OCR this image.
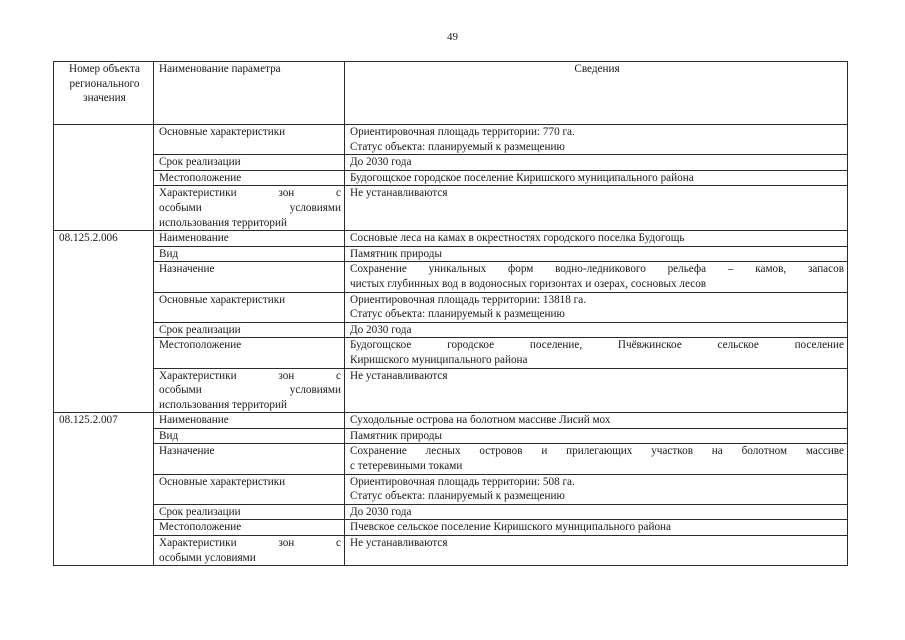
49
Номер объекта регионального значения	Наименование параметра	Сведения

	Основные характеристики	Ориентировочная площадь территории: 770 га.
Статус объекта: планируемый к размещению

	Срок реализации	До 2030 года

	Местоположение	Будогощское городское поселение Киришского муниципального района

	Характеристики зон с
особыми условиями
использования территорий	Не устанавливаются

08.125.2.006	Наименование	Сосновые леса на камах в окрестностях городского поселка Будогощь

	Вид	Памятник природы

	Назначение	Сохранение уникальных форм водно-ледникового рельефа – камов, запасов
чистых глубинных вод в водоносных горизонтах и озерах, сосновых лесов

	Основные характеристики	Ориентировочная площадь территории: 13818 га.
Статус объекта: планируемый к размещению

	Срок реализации	До 2030 года

	Местоположение	Будогощское городское поселение, Пчёвжинское сельское поселение
Киришского муниципального района

	Характеристики зон с
особыми условиями
использования территорий	Не устанавливаются

08.125.2.007	Наименование	Суходольные острова на болотном массиве Лисий мох

	Вид	Памятник природы

	Назначение	Сохранение лесных островов и прилегающих участков на болотном массиве
с тетеревиными токами

	Основные характеристики	Ориентировочная площадь территории: 508 га.
Статус объекта: планируемый к размещению

	Срок реализации	До 2030 года

	Местоположение	Пчевское сельское поселение Киришского муниципального района

	Характеристики зон с
особыми условиями	Не устанавливаются
